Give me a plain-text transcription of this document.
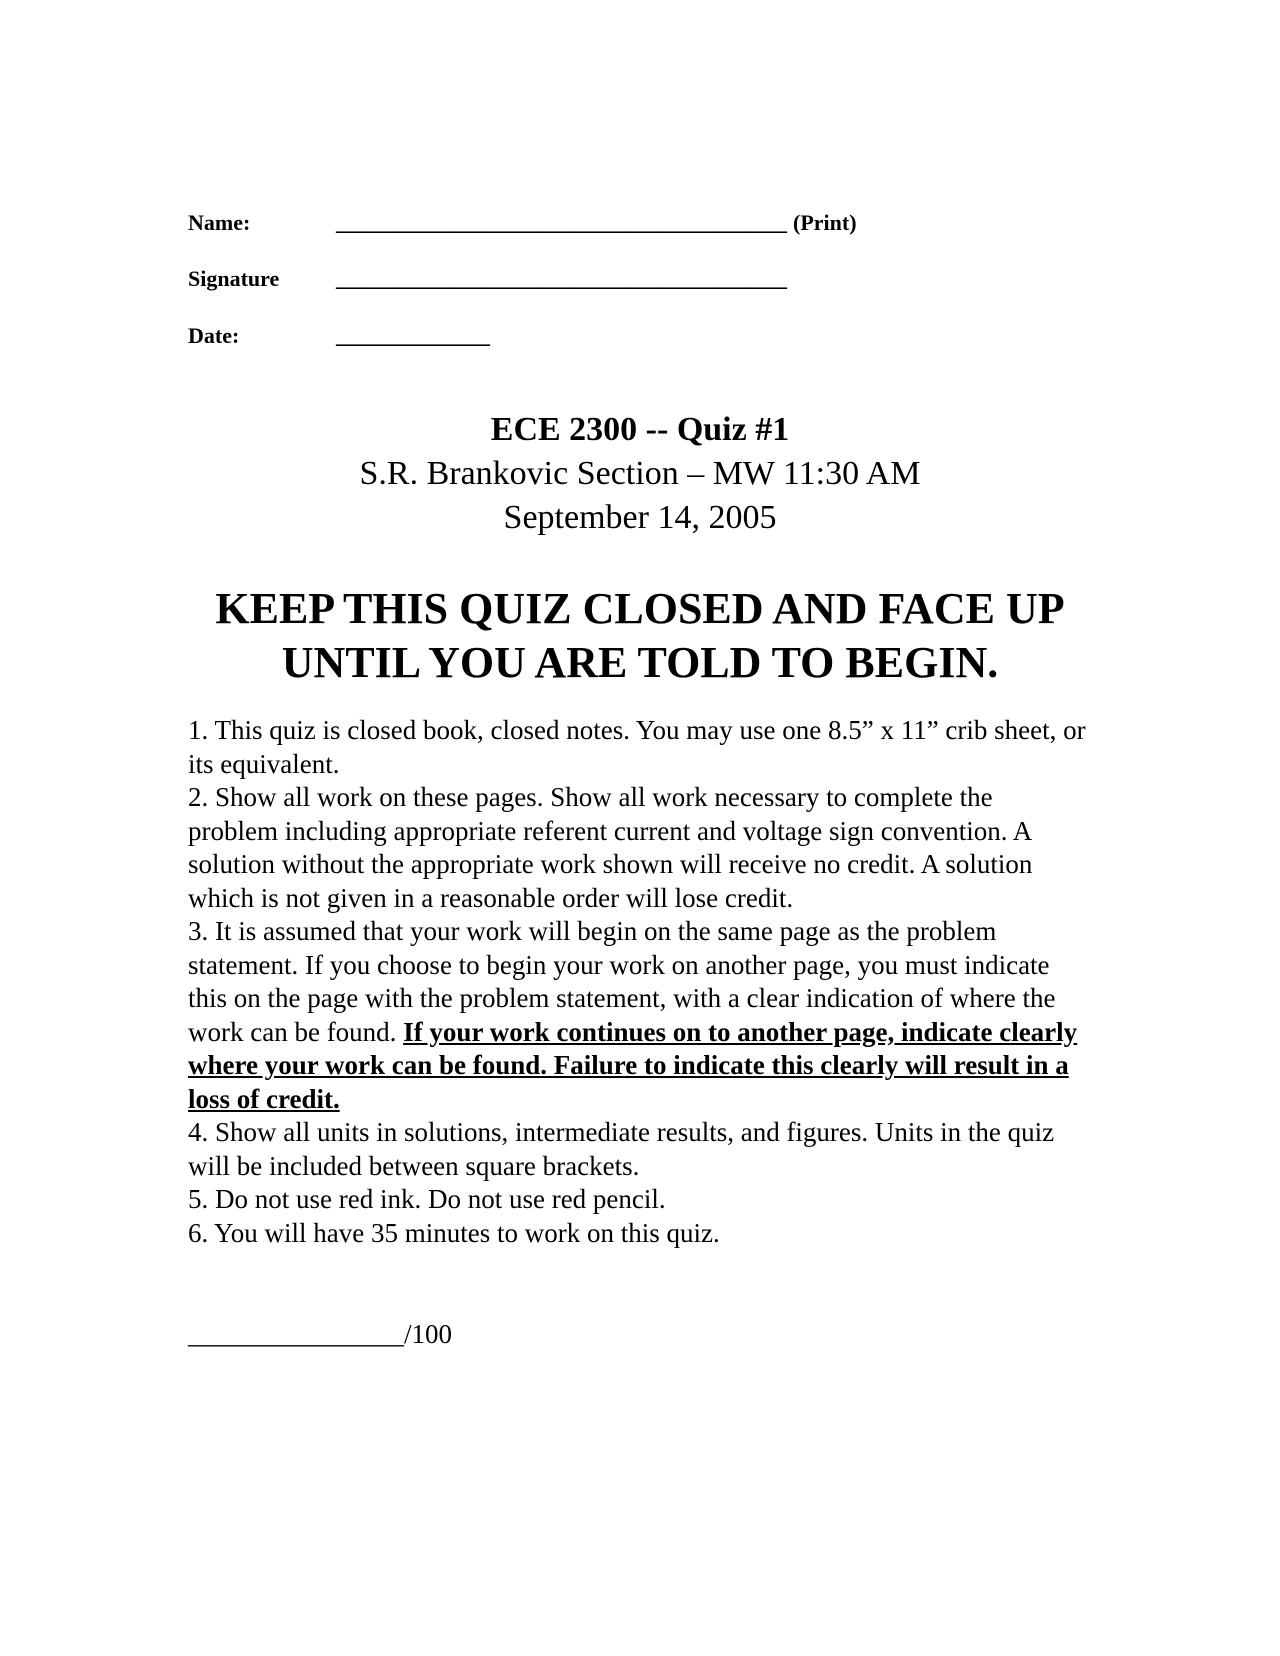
Name:	_________________________________________ (Print)
Signature	_________________________________________
Date:	______________
ECE 2300 -- Quiz #1
S.R. Brankovic Section – MW 11:30 AM
September 14, 2005
KEEP THIS QUIZ CLOSED AND FACE UP
UNTIL YOU ARE TOLD TO BEGIN.

1. This quiz is closed book, closed notes. You may use one 8.5” x 11” crib sheet, or its equivalent.

2. Show all work on these pages. Show all work necessary to complete the problem including appropriate referent current and voltage sign convention. A solution without the appropriate work shown will receive no credit. A solution which is not given in a reasonable order will lose credit.

3. It is assumed that your work will begin on the same page as the problem statement. If you choose to begin your work on another page, you must indicate this on the page with the problem statement, with a clear indication of where the work can be found. If your work continues on to another page, indicate clearly where your work can be found. Failure to indicate this clearly will result in a loss of credit.

4. Show all units in solutions, intermediate results, and figures. Units in the quiz will be included between square brackets.

5. Do not use red ink. Do not use red pencil.

6. You will have 35 minutes to work on this quiz.

________________/100
